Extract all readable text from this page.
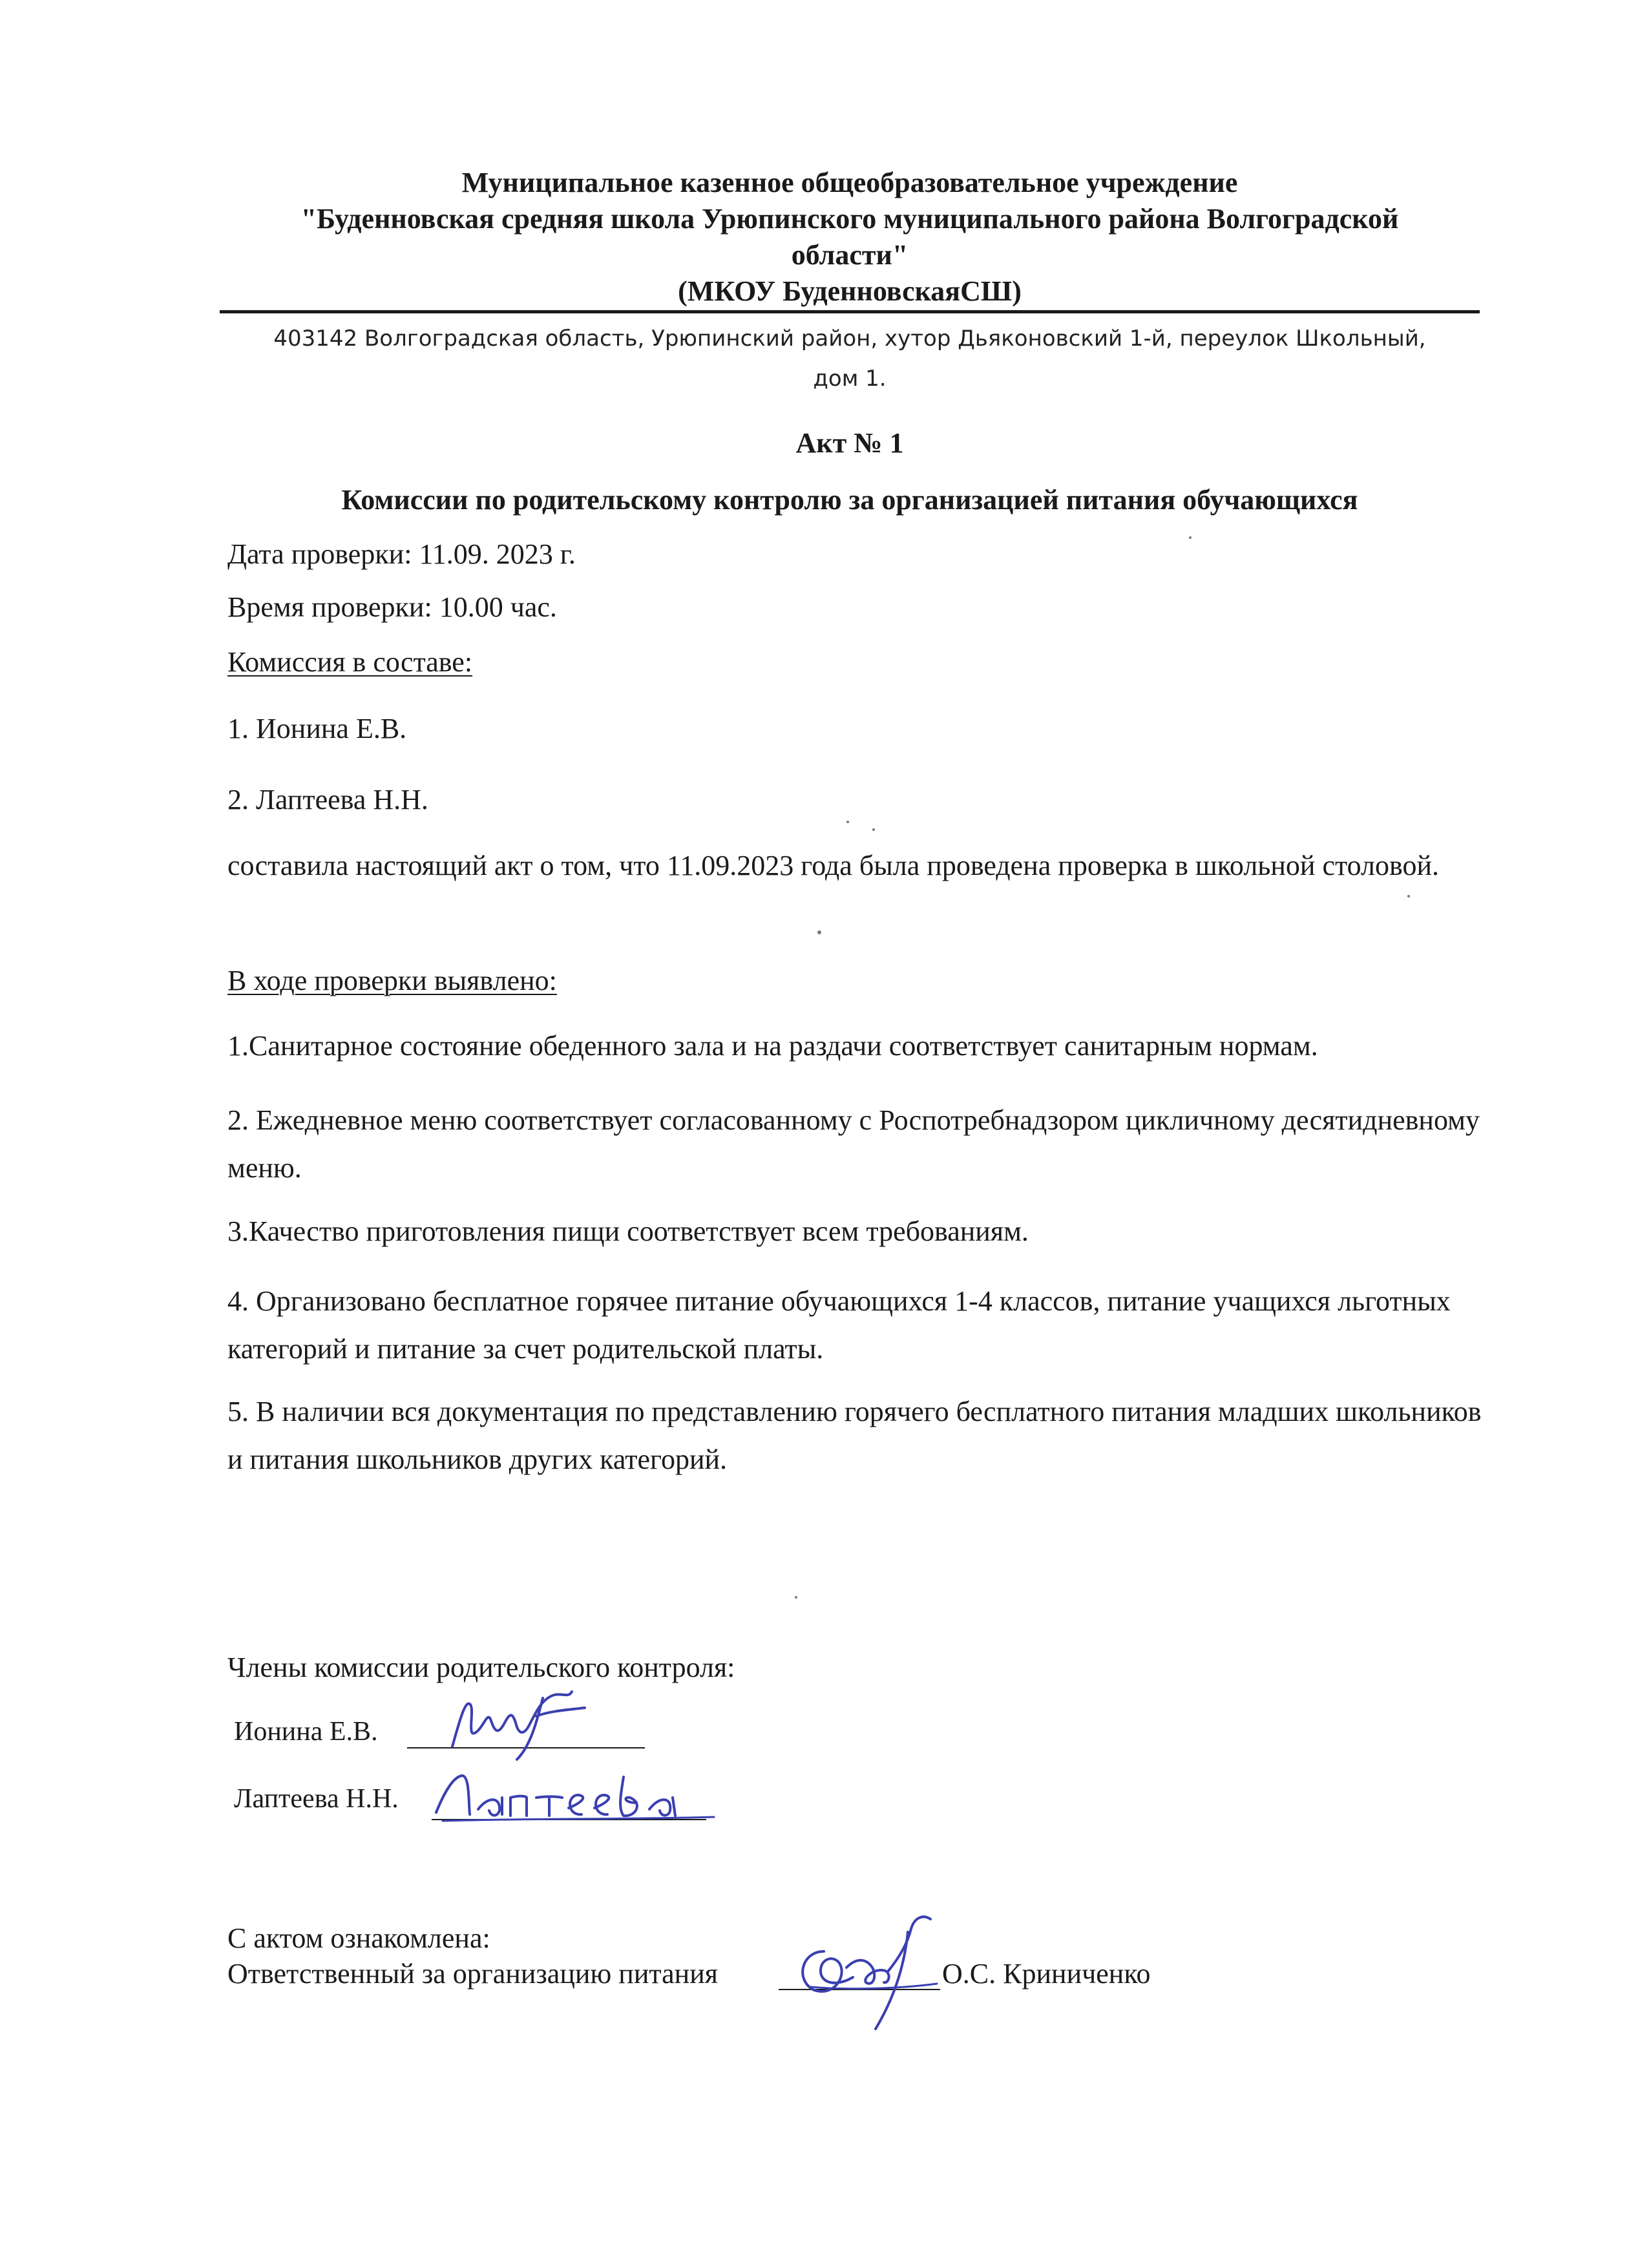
Муниципальное казенное общеобразовательное учреждение
"Буденновская средняя школа Урюпинского муниципального района Волгоградской
области"
(МКОУ БуденновскаяСШ)
403142 Волгоградская область, Урюпинский район, хутор Дьяконовский 1-й, переулок Школьный,
дом 1.
Акт № 1
Комиссии по родительскому контролю за организацией питания обучающихся
Дата проверки: 11.09. 2023 г.
Время проверки: 10.00 час.
Комиссия в составе:
1. Ионина Е.В.
2. Лаптеева Н.Н.
составила настоящий акт о том, что 11.09.2023 года была проведена проверка в школьной столовой.
В ходе проверки выявлено:
1.Санитарное состояние обеденного зала и на раздачи соответствует санитарным нормам.
2. Ежедневное меню соответствует согласованному с Роспотребнадзором цикличному десятидневному меню.
3.Качество приготовления пищи соответствует всем требованиям.
4. Организовано бесплатное горячее питание обучающихся 1-4 классов, питание учащихся льготных категорий и питание за счет родительской платы.
5. В наличии вся документация по представлению горячего бесплатного питания младших школьников и питания школьников других категорий.
Члены комиссии родительского контроля:
Ионина Е.В.
Лаптеева Н.Н.
С актом ознакомлена:
Ответственный за организацию питания	О.С. Криниченко
